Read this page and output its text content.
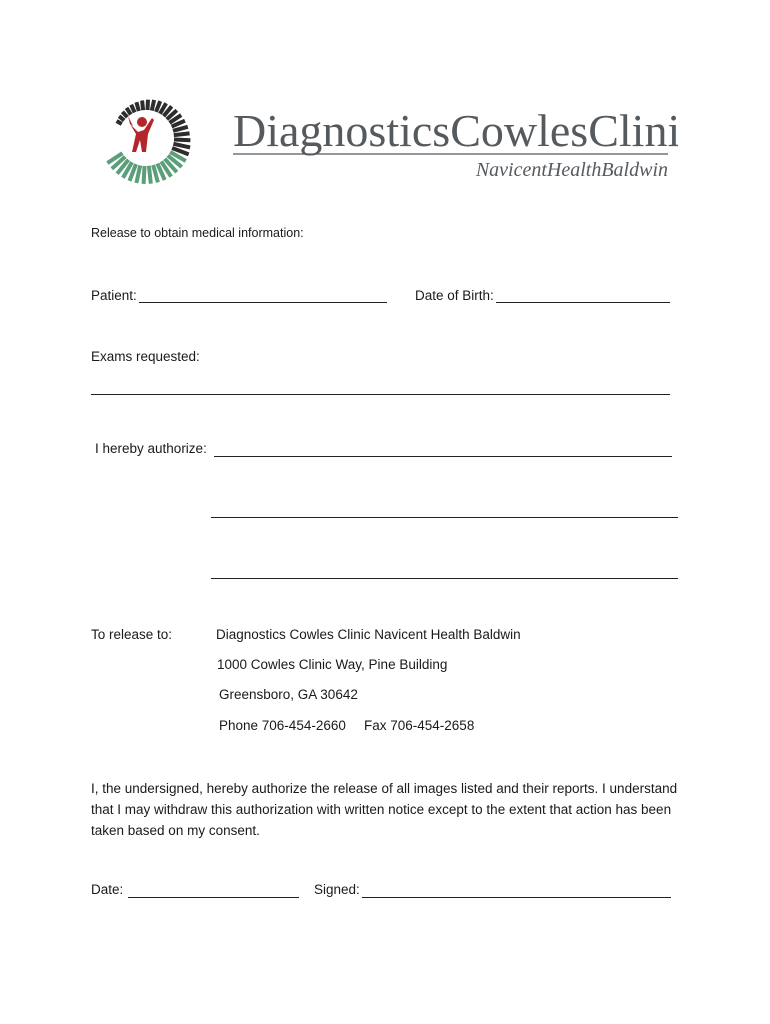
DiagnosticsCowlesClinic
NavicentHealthBaldwin
Release to obtain medical information:
Patient:	Date of Birth:
Exams requested:
I hereby authorize:
To release to:	Diagnostics Cowles Clinic Navicent Health Baldwin
1000 Cowles Clinic Way, Pine Building
Greensboro, GA 30642
Phone 706-454-2660 Fax 706-454-2658
I, the undersigned, hereby authorize the release of all images listed and their reports. I understand that I may withdraw this authorization with written notice except to the extent that action has been taken based on my consent.
Date:	Signed:
